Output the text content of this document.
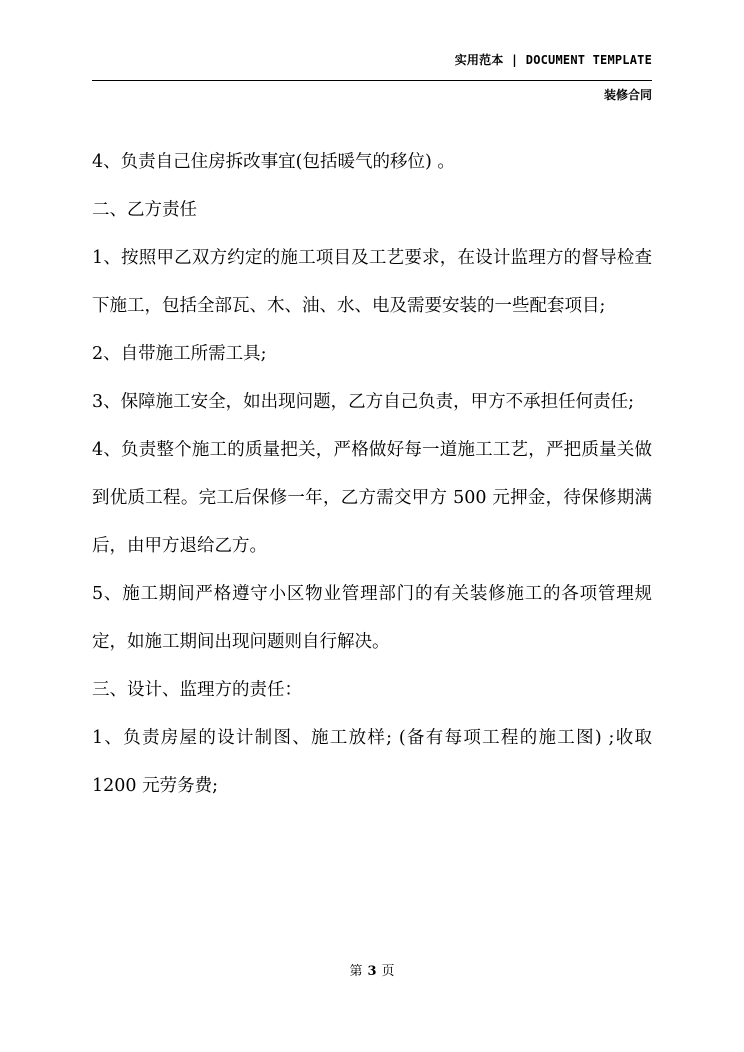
实用范本 | DOCUMENT TEMPLATE
装修合同

4、负责自己住房拆改事宜(包括暖气的移位) 。

二、乙方责任

1、按照甲乙双方约定的施工项目及工艺要求，在设计监理方的督导检查下施工，包括全部瓦、木、油、水、电及需要安装的一些配套项目;

2、自带施工所需工具;

3、保障施工安全，如出现问题，乙方自己负责，甲方不承担任何责任;

4、负责整个施工的质量把关，严格做好每一道施工工艺，严把质量关做到优质工程。完工后保修一年，乙方需交甲方 500 元押金，待保修期满后，由甲方退给乙方。

5、施工期间严格遵守小区物业管理部门的有关装修施工的各项管理规定，如施工期间出现问题则自行解决。

三、设计、监理方的责任：

1、负责房屋的设计制图、施工放样; (备有每项工程的施工图) ;收取 1200 元劳务费;

第 3 页
